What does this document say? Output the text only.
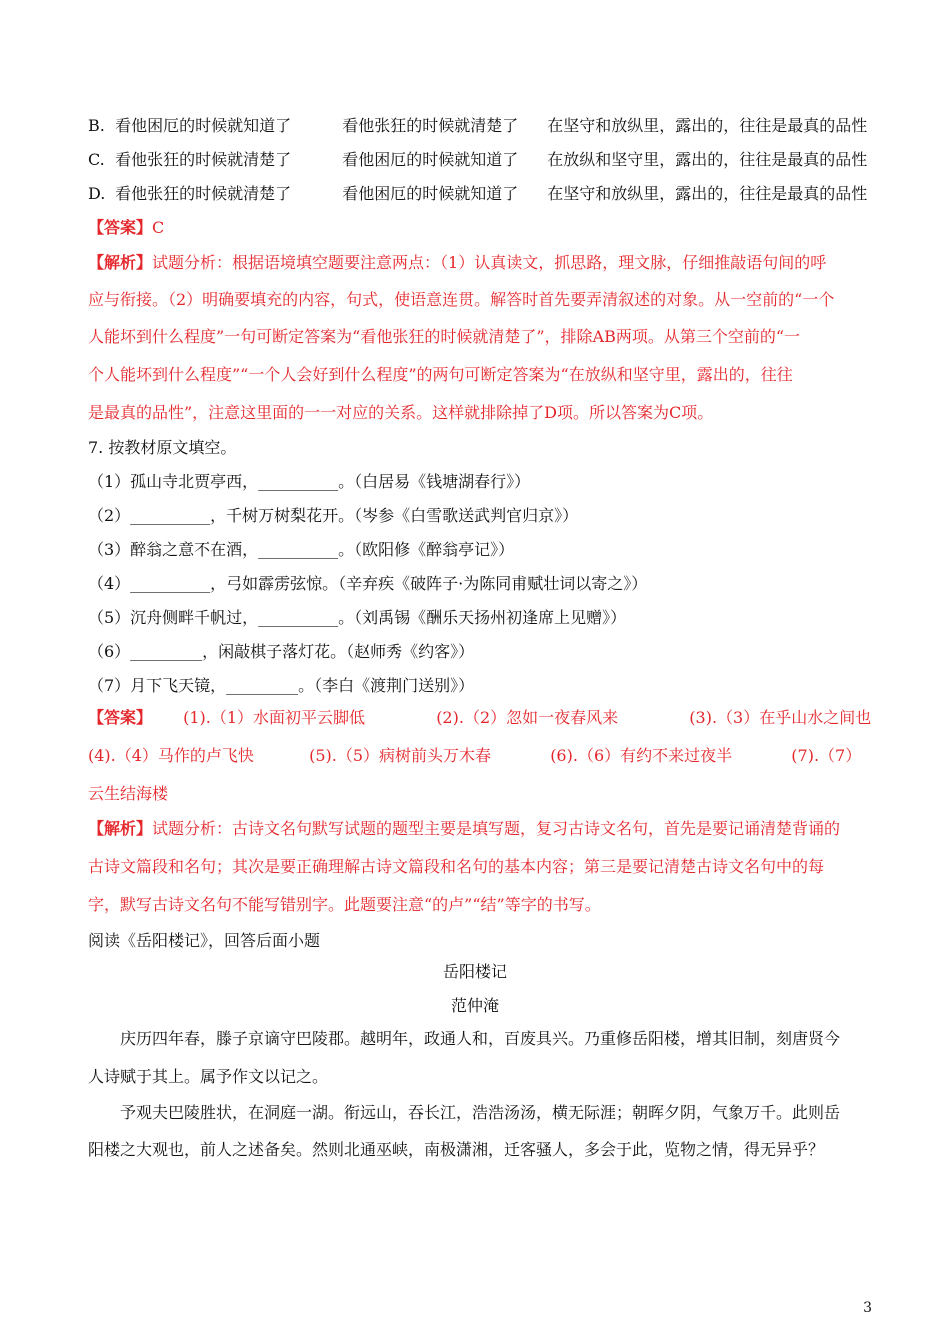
B. 看他困厄的时候就知道了	看他张狂的时候就清楚了 在坚守和放纵里，露出的，往往是最真的品性
C. 看他张狂的时候就清楚了	看他困厄的时候就知道了 在放纵和坚守里，露出的，往往是最真的品性
D. 看他张狂的时候就清楚了	看他困厄的时候就知道了 在坚守和放纵里，露出的，往往是最真的品性
【答案】C
【解析】试题分析：根据语境填空题要注意两点：（1）认真读文，抓思路，理文脉，仔细推敲语句间的呼
应与衔接。（2）明确要填充的内容，句式，使语意连贯。解答时首先要弄清叙述的对象。从一空前的“一个
人能坏到什么程度”一句可断定答案为“看他张狂的时候就清楚了”，排除AB两项。从第三个空前的“一
个人能坏到什么程度”“一个人会好到什么程度”的两句可断定答案为“在放纵和坚守里，露出的，往往
是最真的品性”，注意这里面的一一对应的关系。这样就排除掉了D项。所以答案为C项。
7. 按教材原文填空。
（1）孤山寺北贾亭西，__________。（白居易《钱塘湖春行》）
（2）__________，千树万树梨花开。（岑参《白雪歌送武判官归京》）
（3）醉翁之意不在酒，__________。（欧阳修《醉翁亭记》）
（4）__________，弓如霹雳弦惊。（辛弃疾《破阵子·为陈同甫赋壮词以寄之》）
（5）沉舟侧畔千帆过，__________。（刘禹锡《酬乐天扬州初逢席上见赠》）
（6）_________，闲敲棋子落灯花。（赵师秀《约客》）
（7）月下飞天镜，_________。（李白《渡荆门送别》）
【答案】 (1).（1）水面初平云脚低	(2).（2）忽如一夜春风来	(3).（3）在乎山水之间也
(4).（4）马作的卢飞快	(5).（5）病树前头万木春	(6).（6）有约不来过夜半	(7).（7）
云生结海楼
【解析】试题分析：古诗文名句默写试题的题型主要是填写题，复习古诗文名句，首先是要记诵清楚背诵的
古诗文篇段和名句；其次是要正确理解古诗文篇段和名句的基本内容；第三是要记清楚古诗文名句中的每
字，默写古诗文名句不能写错别字。此题要注意“的卢”“结”等字的书写。
阅读《岳阳楼记》，回答后面小题
岳阳楼记
范仲淹
庆历四年春，滕子京谪守巴陵郡。越明年，政通人和，百废具兴。乃重修岳阳楼，增其旧制，刻唐贤今
人诗赋于其上。属予作文以记之。
予观夫巴陵胜状，在洞庭一湖。衔远山，吞长江，浩浩汤汤，横无际涯；朝晖夕阴，气象万千。此则岳
阳楼之大观也，前人之述备矣。然则北通巫峡，南极潇湘，迁客骚人，多会于此，览物之情，得无异乎？
3
